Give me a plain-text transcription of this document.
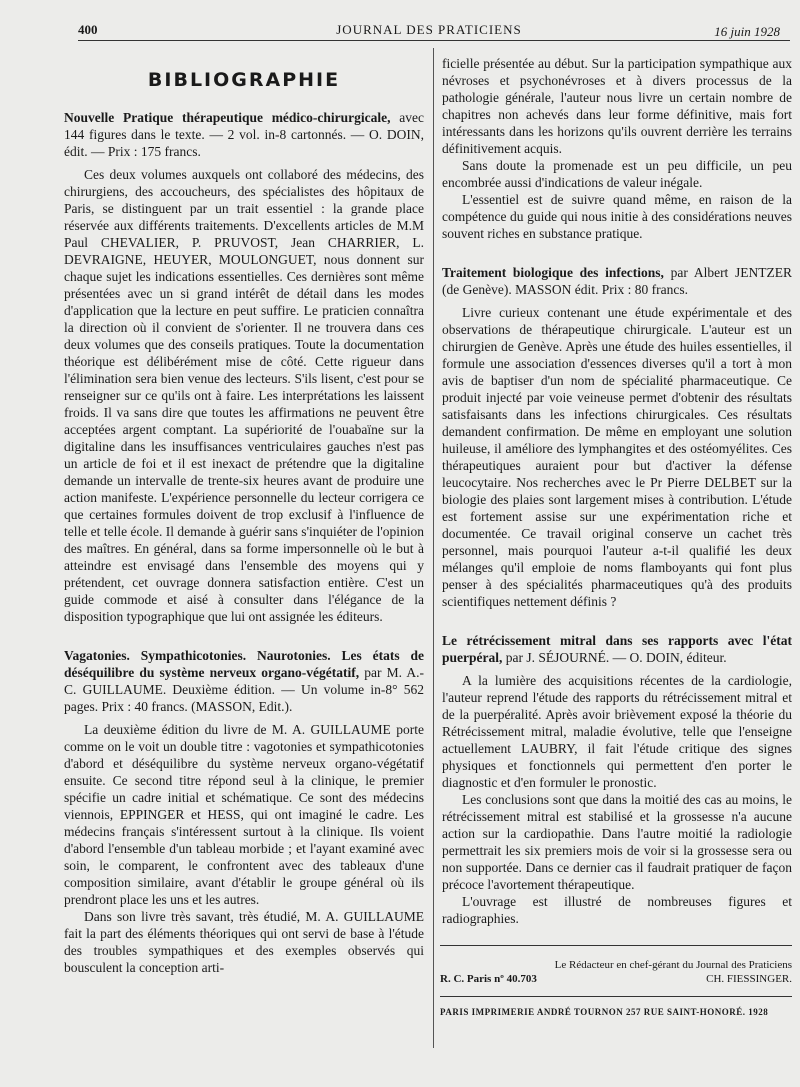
400	JOURNAL DES PRATICIENS	16 juin 1928
BIBLIOGRAPHIE

Nouvelle Pratique thérapeutique médico-chirurgicale, avec 144 figures dans le texte. — 2 vol. in-8 cartonnés. — O. DOIN, édit. — Prix : 175 francs.

Ces deux volumes auxquels ont collaboré des médecins, des chirurgiens, des accoucheurs, des spécialistes des hôpitaux de Paris, se distinguent par un trait essentiel : la grande place réservée aux différents traitements. D'excellents articles de M.M Paul CHEVALIER, P. PRUVOST, Jean CHARRIER, L. DEVRAIGNE, HEUYER, MOULONGUET, nous donnent sur chaque sujet les indications essentielles. Ces dernières sont même présentées avec un si grand intérêt de détail dans les modes d'application que la lecture en peut suffire. Le praticien connaîtra la direction où il convient de s'orienter. Il ne trouvera dans ces deux volumes que des conseils pratiques. Toute la documentation théorique est délibérément mise de côté. Cette rigueur dans l'élimination sera bien venue des lecteurs. S'ils lisent, c'est pour se renseigner sur ce qu'ils ont à faire. Les interprétations les laissent froids. Il va sans dire que toutes les affirmations ne peuvent être acceptées argent comptant. La supériorité de l'ouabaïne sur la digitaline dans les insuffisances ventriculaires gauches n'est pas un article de foi et il est inexact de prétendre que la digitaline demande un intervalle de trente-six heures avant de produire une action manifeste. L'expérience personnelle du lecteur corrigera ce que certaines formules doivent de trop exclusif à l'influence de telle et telle école. Il demande à guérir sans s'inquiéter de l'opinion des maîtres. En général, dans sa forme impersonnelle où le but à atteindre est envisagé dans l'ensemble des moyens qui y prétendent, cet ouvrage donnera satisfaction entière. C'est un guide commode et aisé à consulter dans l'élégance de la disposition typographique que lui ont assignée les éditeurs.

Vagatonies. Sympathicotonies. Naurotonies. Les états de déséquilibre du système nerveux organo-végétatif, par M. A.-C. GUILLAUME. Deuxième édition. — Un volume in-8° 562 pages. Prix : 40 francs. (MASSON, Edit.).

La deuxième édition du livre de M. A. GUILLAUME porte comme on le voit un double titre : vagotonies et sympathicotonies d'abord et déséquilibre du système nerveux organo-végétatif ensuite. Ce second titre répond seul à la clinique, le premier spécifie un cadre initial et schématique. Ce sont des médecins viennois, EPPINGER et HESS, qui ont imaginé le cadre. Les médecins français s'intéressent surtout à la clinique. Ils voient d'abord l'ensemble d'un tableau morbide ; et l'ayant examiné avec soin, le comparent, le confrontent avec des tableaux d'une composition similaire, avant d'établir le groupe général où ils prendront place les uns et les autres.

Dans son livre très savant, très étudié, M. A. GUILLAUME fait la part des éléments théoriques qui ont servi de base à l'étude des troubles sympathiques et des exemples observés qui bousculent la conception arti-

ficielle présentée au début. Sur la participation sympathique aux névroses et psychonévroses et à divers processus de la pathologie générale, l'auteur nous livre un certain nombre de chapitres non achevés dans leur forme définitive, mais fort intéressants dans les horizons qu'ils ouvrent derrière les terrains définitivement acquis.

Sans doute la promenade est un peu difficile, un peu encombrée aussi d'indications de valeur inégale.

L'essentiel est de suivre quand même, en raison de la compétence du guide qui nous initie à des considérations neuves souvent riches en substance pratique.

Traitement biologique des infections, par Albert JENTZER (de Genève). MASSON édit. Prix : 80 francs.

Livre curieux contenant une étude expérimentale et des observations de thérapeutique chirurgicale. L'auteur est un chirurgien de Genève. Après une étude des huiles essentielles, il formule une association d'essences diverses qu'il a tort à mon avis de baptiser d'un nom de spécialité pharmaceutique. Ce produit injecté par voie veineuse permet d'obtenir des résultats satisfaisants dans les infections chirurgicales. Ces résultats demandent confirmation. De même en employant une solution huileuse, il améliore des lymphangites et des ostéomyélites. Ces thérapeutiques auraient pour but d'activer la défense leucocytaire. Nos recherches avec le Pr Pierre DELBET sur la biologie des plaies sont largement mises à contribution. L'étude est fortement assise sur une expérimentation riche et documentée. Ce travail original conserve un cachet très personnel, mais pourquoi l'auteur a-t-il qualifié les deux mélanges qu'il emploie de noms flamboyants qui font plus penser à des spécialités pharmaceutiques qu'à des produits scientifiques nettement définis ?

Le rétrécissement mitral dans ses rapports avec l'état puerpéral, par J. SÉJOURNÉ. — O. DOIN, éditeur.

A la lumière des acquisitions récentes de la cardiologie, l'auteur reprend l'étude des rapports du rétrécissement mitral et de la puerpéralité. Après avoir brièvement exposé la théorie du Rétrécissement mitral, maladie évolutive, telle que l'enseigne actuellement LAUBRY, il fait l'étude critique des signes physiques et fonctionnels qui permettent d'en porter le diagnostic et d'en formuler le pronostic.

Les conclusions sont que dans la moitié des cas au moins, le rétrécissement mitral est stabilisé et la grossesse n'a aucune action sur la cardiopathie. Dans l'autre moitié la radiologie permettrait les six premiers mois de voir si la grossesse sera ou non supportée. Dans ce dernier cas il faudrait pratiquer de façon précoce l'avortement thérapeutique.

L'ouvrage est illustré de nombreuses figures et radiographies.

Le Rédacteur en chef-gérant du Journal des Praticiens
R. C. Paris nº 40.703	CH. FIESSINGER.
PARIS IMPRIMERIE ANDRÉ TOURNON 257 RUE SAINT-HONORÉ. 1928
